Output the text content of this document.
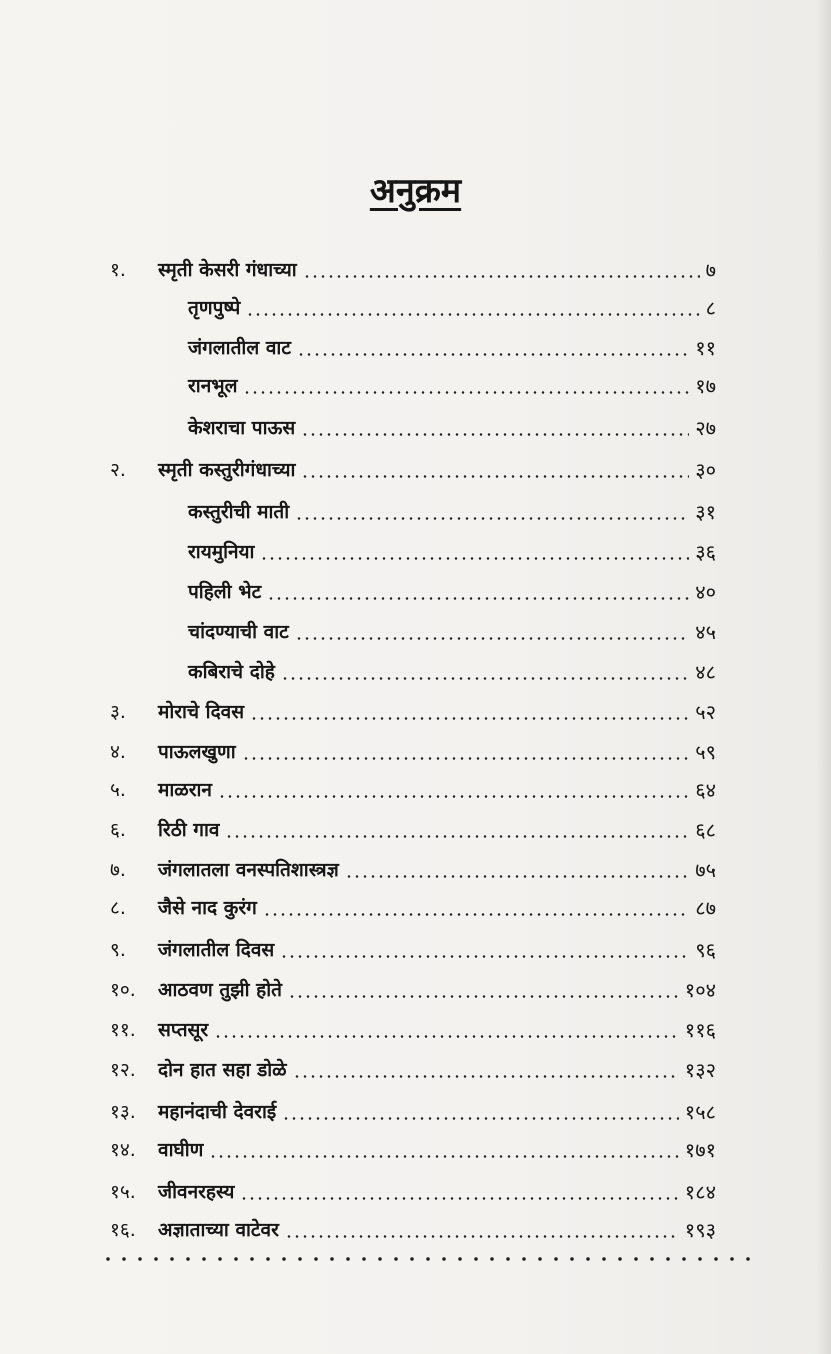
अनुक्रम
१.	स्मृती केसरी गंधाच्या	७
तृणपुष्पे	८
जंगलातील वाट	११
रानभूल	१७
केशराचा पाऊस	२७
२.	स्मृती कस्तुरीगंधाच्या	३०
कस्तुरीची माती	३१
रायमुनिया	३६
पहिली भेट	४०
चांदण्याची वाट	४५
कबिराचे दोहे	४८
३.	मोराचे दिवस	५२
४.	पाऊलखुणा	५९
५.	माळरान	६४
६.	रिठी गाव	६८
७.	जंगलातला वनस्पतिशास्त्रज्ञ	७५
८.	जैसे नाद कुरंग	८७
९.	जंगलातील दिवस	९६
१०.	आठवण तुझी होते	१०४
११.	सप्तसूर	११६
१२.	दोन हात सहा डोळे	१३२
१३.	महानंदाची देवराई	१५८
१४.	वाघीण	१७१
१५.	जीवनरहस्य	१८४
१६.	अज्ञाताच्या वाटेवर	१९३
